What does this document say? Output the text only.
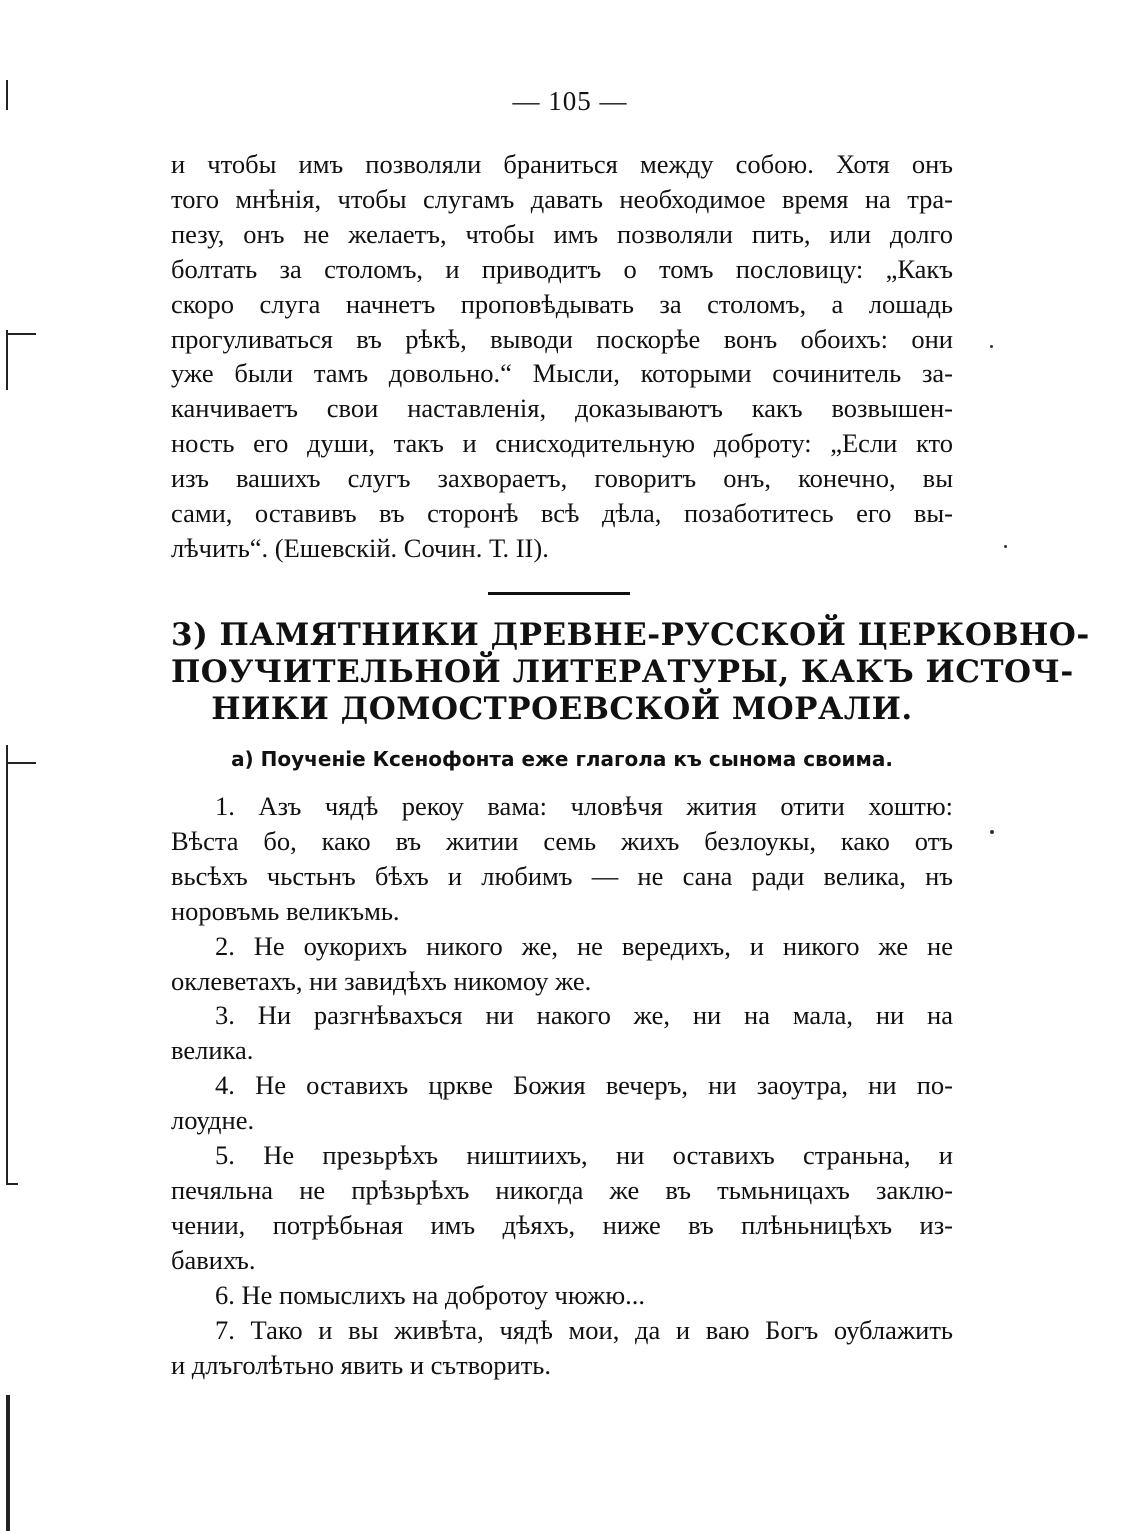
— 105 —
и чтобы имъ позволяли браниться между собою. Хотя онъ
того мнѣнія, чтобы слугамъ давать необходимое время на тра-
пезу, онъ не желаетъ, чтобы имъ позволяли пить, или долго
болтать за столомъ, и приводитъ о томъ пословицу: „Какъ
скоро слуга начнетъ проповѣдывать за столомъ, а лошадь
прогуливаться въ рѣкѣ, выводи поскорѣе вонъ обоихъ: они
уже были тамъ довольно.“ Мысли, которыми сочинитель за-
канчиваетъ свои наставленія, доказываютъ какъ возвышен-
ность его души, такъ и снисходительную доброту: „Если кто
изъ вашихъ слугъ захвораетъ, говоритъ онъ, конечно, вы
сами, оставивъ въ сторонѣ всѣ дѣла, позаботитесь его вы-
лѣчить“. (Ешевскій. Сочин. Т. II).
3) ПАМЯТНИКИ ДРЕВНЕ-РУССКОЙ ЦЕРКОВНО-
ПОУЧИТЕЛЬНОЙ ЛИТЕРАТУРЫ, КАКЪ ИСТОЧ-
НИКИ ДОМОСТРОЕВСКОЙ МОРАЛИ.
а) Поученіе Ксенофонта еже глагола къ сынома своима.
1. Азъ чядѣ рекоу вама: чловѣчя жития отити хоштю:
Вѣста бо, како въ житии семь жихъ безлоукы, како отъ
вьсѣхъ чьстьнъ бѣхъ и любимъ — не сана ради велика, нъ
норовъмь великъмь.
2. Не оукорихъ никого же, не вередихъ, и никого же не
оклеветахъ, ни завидѣхъ никомоу же.
3. Ни разгнѣвахъся ни накого же, ни на мала, ни на
велика.
4. Не оставихъ црквe Божия вечеръ, ни заоутра, ни по-
лоудне.
5. Не презьрѣхъ ништиихъ, ни оставихъ страньна, и
печяльна не прѣзьрѣхъ никогда же въ тьмьницахъ заклю-
чении, потрѣбьная имъ дѣяхъ, ниже въ плѣньницѣхъ из-
бавихъ.
6. Не помыслихъ на добротоу чюжю...
7. Тако и вы живѣта, чядѣ мои, да и ваю Богъ оублажить
и длъголѣтьно явить и сътворить.
